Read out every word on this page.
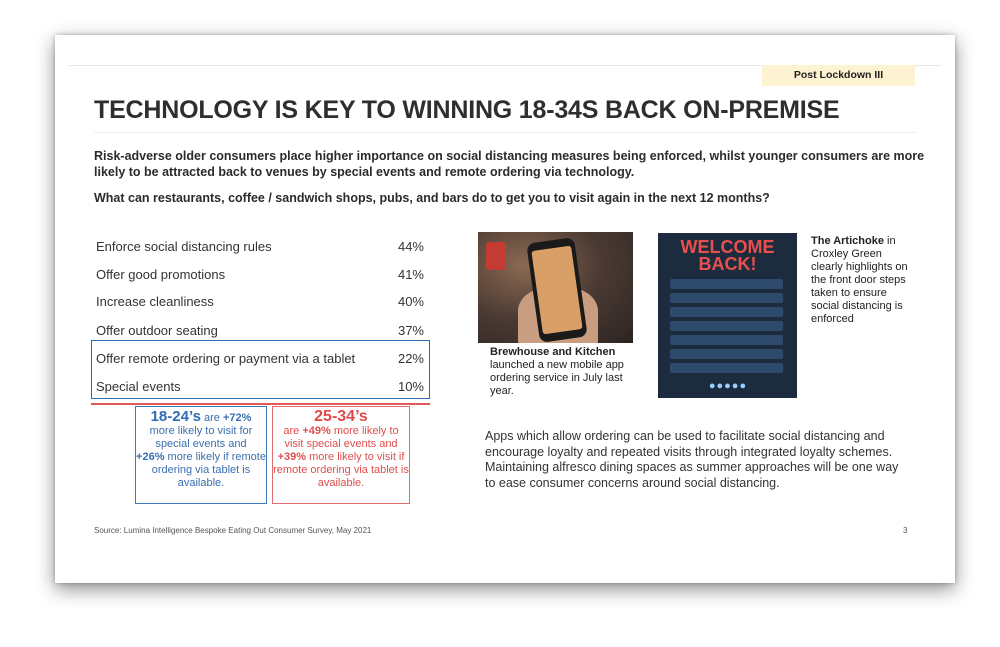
Post Lockdown III
TECHNOLOGY IS KEY TO WINNING 18-34S BACK ON-PREMISE
Risk-adverse older consumers place higher importance on social distancing measures being enforced, whilst younger consumers are more likely to be attracted back to venues by special events and remote ordering via technology.
What can restaurants, coffee / sandwich shops, pubs, and bars do to get you to visit again in the next 12 months?
Enforce social distancing rules	44%
Offer good promotions	41%
Increase cleanliness	40%
Offer outdoor seating	37%
Offer remote ordering or payment via a tablet	22%
Special events	10%
18-24’s are +72%
more likely to visit for special events and
+26% more likely if remote ordering via tablet is available.
25-34’s
are +49% more likely to visit special events and
+39% more likely to visit if remote ordering via tablet is available.
Brewhouse and Kitchen
launched a new mobile app ordering service in July last year.
WELCOME
BACK!
●●●●●
The Artichoke in Croxley Green clearly highlights on the front door steps taken to ensure social distancing is enforced
Apps which allow ordering can be used to facilitate social distancing and encourage loyalty and repeated visits through integrated loyalty schemes. Maintaining alfresco dining spaces as summer approaches will be one way to ease consumer concerns around social distancing.
Source: Lumina Intelligence Bespoke Eating Out Consumer Survey, May 2021	3
